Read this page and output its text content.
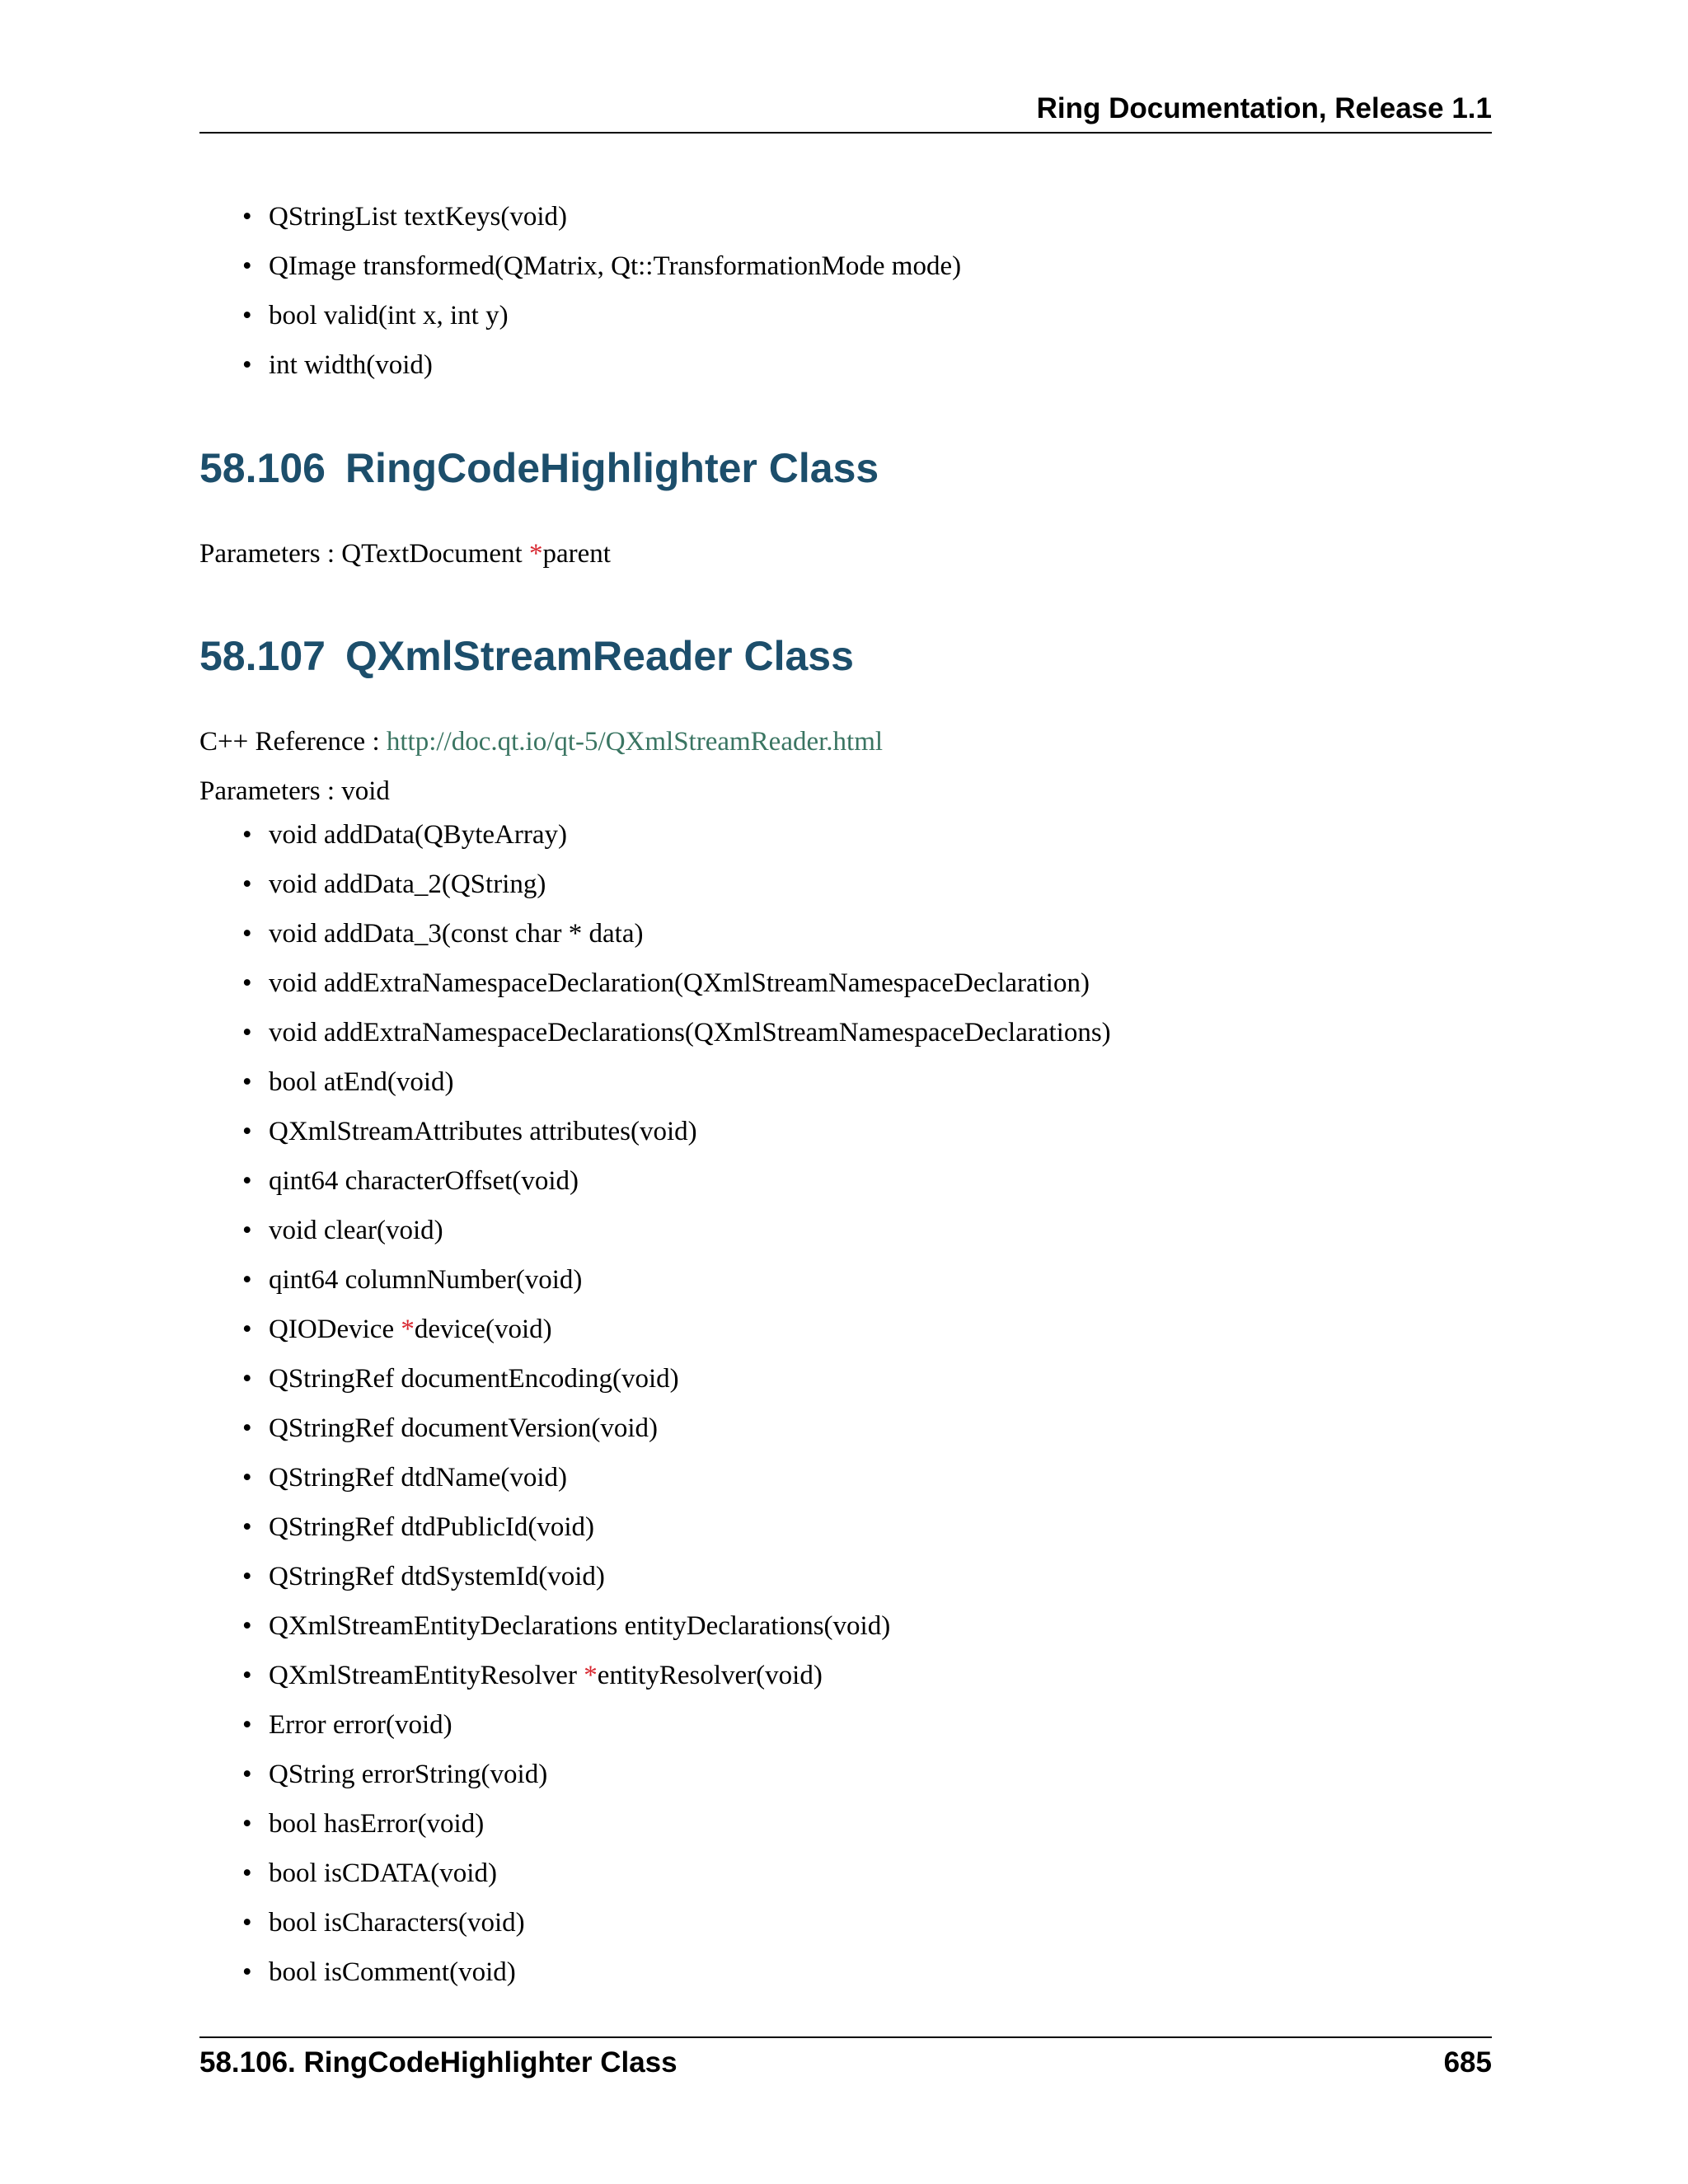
Ring Documentation, Release 1.1
• QStringList textKeys(void)
• QImage transformed(QMatrix, Qt::TransformationMode mode)
• bool valid(int x, int y)
• int width(void)
58.106 RingCodeHighlighter Class
Parameters : QTextDocument *parent
58.107 QXmlStreamReader Class
C++ Reference : http://doc.qt.io/qt-5/QXmlStreamReader.html
Parameters : void
• void addData(QByteArray)
• void addData_2(QString)
• void addData_3(const char * data)
• void addExtraNamespaceDeclaration(QXmlStreamNamespaceDeclaration)
• void addExtraNamespaceDeclarations(QXmlStreamNamespaceDeclarations)
• bool atEnd(void)
• QXmlStreamAttributes attributes(void)
• qint64 characterOffset(void)
• void clear(void)
• qint64 columnNumber(void)
• QIODevice *device(void)
• QStringRef documentEncoding(void)
• QStringRef documentVersion(void)
• QStringRef dtdName(void)
• QStringRef dtdPublicId(void)
• QStringRef dtdSystemId(void)
• QXmlStreamEntityDeclarations entityDeclarations(void)
• QXmlStreamEntityResolver *entityResolver(void)
• Error error(void)
• QString errorString(void)
• bool hasError(void)
• bool isCDATA(void)
• bool isCharacters(void)
• bool isComment(void)
58.106. RingCodeHighlighter Class	685
